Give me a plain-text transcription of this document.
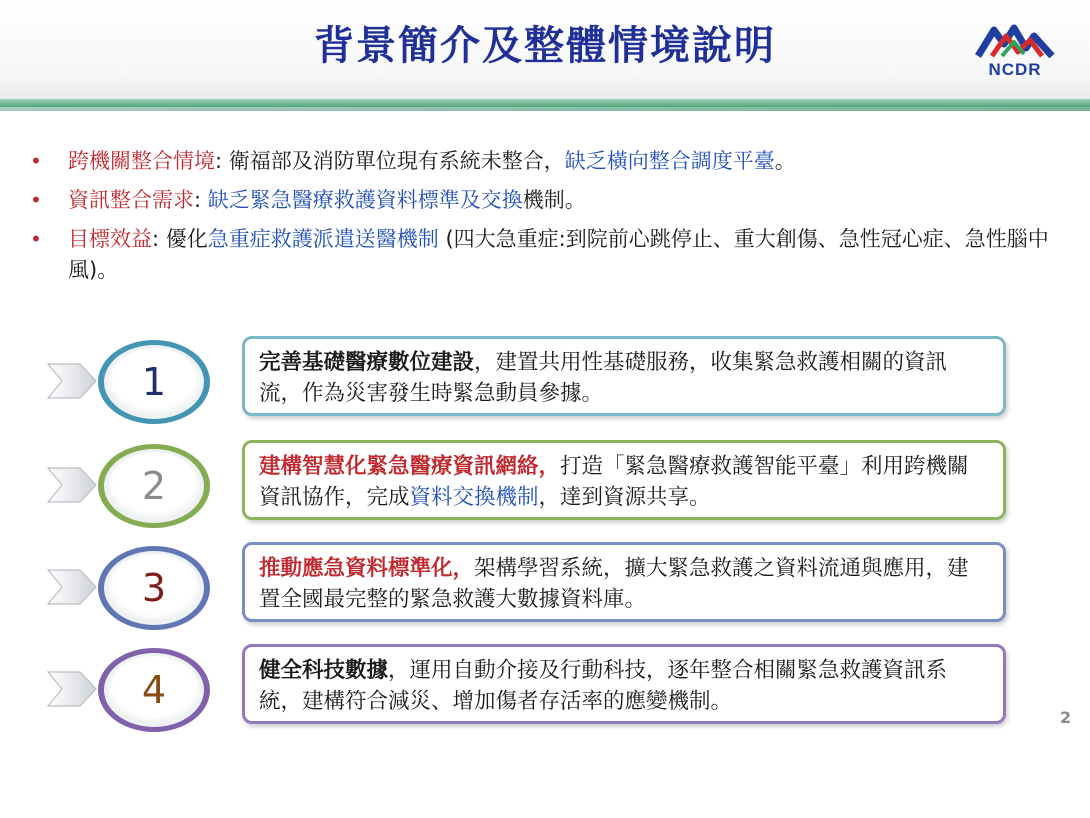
背景簡介及整體情境說明
NCDR
• 跨機關整合情境: 衛福部及消防單位現有系統未整合，缺乏橫向整合調度平臺。
• 資訊整合需求: 缺乏緊急醫療救護資料標準及交換機制。
• 目標效益: 優化急重症救護派遣送醫機制 (四大急重症:到院前心跳停止、重大創傷、急性冠心症、急性腦中風)。
1	完善基礎醫療數位建設，建置共用性基礎服務，收集緊急救護相關的資訊流，作為災害發生時緊急動員參據。
2	建構智慧化緊急醫療資訊網絡，打造「緊急醫療救護智能平臺」利用跨機關資訊協作，完成資料交換機制，達到資源共享。
3	推動應急資料標準化，架構學習系統，擴大緊急救護之資料流通與應用，建置全國最完整的緊急救護大數據資料庫。
4	健全科技數據，運用自動介接及行動科技，逐年整合相關緊急救護資訊系統，建構符合減災、增加傷者存活率的應變機制。
2
